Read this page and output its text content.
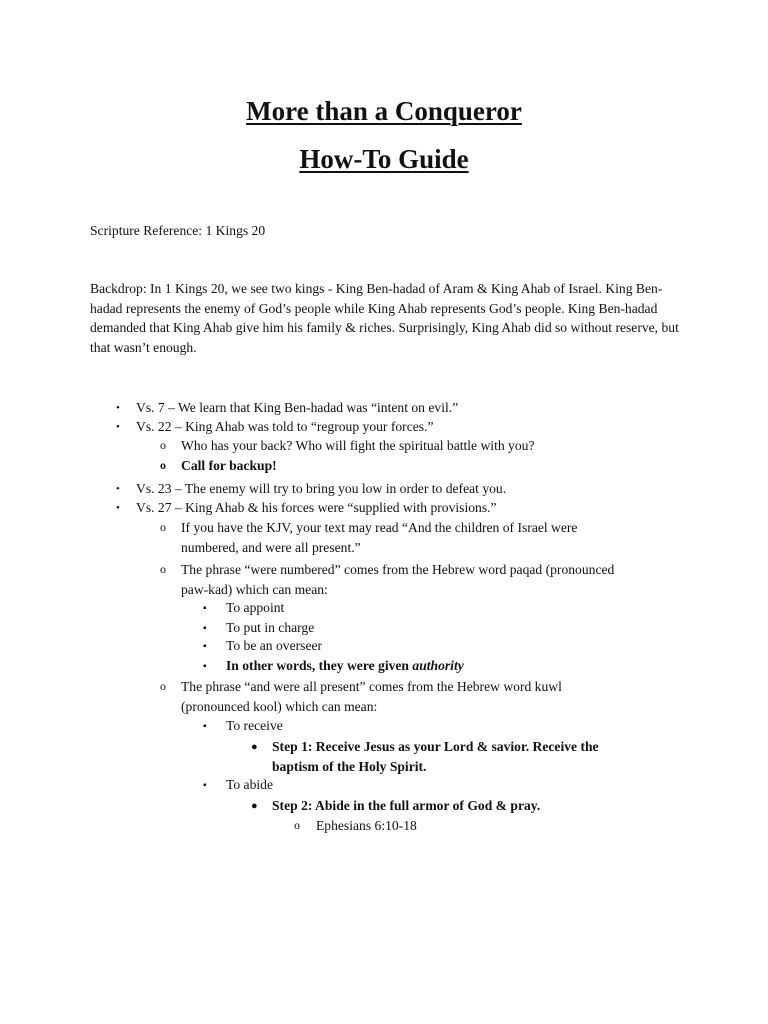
More than a Conqueror
How-To Guide
Scripture Reference: 1 Kings 20
Backdrop: In 1 Kings 20, we see two kings - King Ben-hadad of Aram & King Ahab of Israel. King Ben-hadad represents the enemy of God’s people while King Ahab represents God’s people. King Ben-hadad demanded that King Ahab give him his family & riches. Surprisingly, King Ahab did so without reserve, but that wasn’t enough.
• Vs. 7 – We learn that King Ben-hadad was “intent on evil.”
• Vs. 22 – King Ahab was told to “regroup your forces.”
o Who has your back? Who will fight the spiritual battle with you?
o Call for backup!
• Vs. 23 – The enemy will try to bring you low in order to defeat you.
• Vs. 27 – King Ahab & his forces were “supplied with provisions.”
o If you have the KJV, your text may read “And the children of Israel were
numbered, and were all present.”
o The phrase “were numbered” comes from the Hebrew word paqad (pronounced
paw-kad) which can mean:
▪ To appoint
▪ To put in charge
▪ To be an overseer
▪ In other words, they were given authority
o The phrase “and were all present” comes from the Hebrew word kuwl
(pronounced kool) which can mean:
▪ To receive
● Step 1: Receive Jesus as your Lord & savior. Receive the
baptism of the Holy Spirit.
▪ To abide
● Step 2: Abide in the full armor of God & pray.
o Ephesians 6:10-18
